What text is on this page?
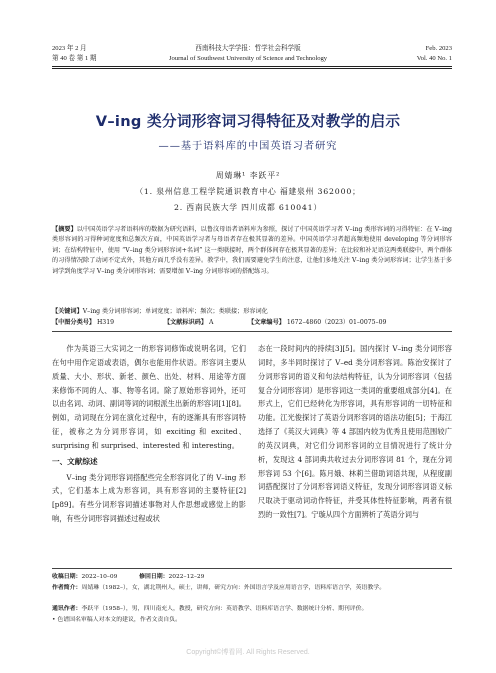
2023 年 2 月
第 40 卷 第 1 期
西南科技大学学报：哲学社会科学版
Journal of Southwest University of Science and Technology
Feb. 2023
Vol. 40 No. 1
V–ing 类分词形容词习得特征及对教学的启示
——基于语料库的中国英语习者研究
周婧琳¹ 李跃平²
（1. 泉州信息工程学院通识教育中心 福建泉州 362000；
2. 西南民族大学 四川成都 610041）
【摘要】以中国英语学习者语料库的数据为研究语料，以鲁汶母语者语料库为参照，探讨了中国英语学习者 V–ing 类形容词的习得特征：在 V–ing 类形容词的习得种词宽度和总频次方面，中国英语学习者与母语者存在极其显著的差异。中国英语学习者超高频地使用 developing 等分词形容词；在结构特征中，使用 “V–ing 类分词形容词+名词” 这一类联接时，两个群体间存在极其显著的差异；在比较和补足语这两类联接中，两个群体的习得情况除了动词不定式外，其他方面几乎没有差异。教学中，我们需要避免学生的注意，让他们多地关注 V–ing 类分词形容词；让学生基于多词学到角度学习 V–ing 类分词形容词；需要增加 V–ing 分词形容词的搭配练习。
【关键词】V–ing 类分词形容词；单词宽度；语料库；频次；类联接；形容词化
【中图分类号】 H319	【文献标识码】 A	【文章编号】 1672–4860（2023）01–0075–09

作为英语三大实词之一的形容词修饰或说明名词，它们在句中用作定语或表语，偶尔也能用作状语。形容词主要从质量、大小、形状、新老、颜色、出处、材料、用途等方面来修饰不同的人、事、物等名词。除了原始形容词外，还可以由名词、动词、副词等词的词根派生出新的形容词[1][8]。例如，动词现在分词在演化过程中，有的逐渐具有形容词特征，被称之为分词形容词，如 exciting 和 excited、surprising 和 surprised、interested 和 interesting。

一、文献综述

V–ing 类分词形容词搭配些完全形容词化了的 V–ing 形式，它们基本上成为形容词，具有形容词的主要特征[2][p89]。有些分词形容词描述事物对人作思想或感觉上的影响，有些分词形容词描述过程或状

态在一段时间内的持续[3][5]。国内探讨 V–ing 类分词形容词时，多半同时探讨了 V–ed 类分词形容词。陈治安探讨了分词形容词的语义和句法结构特征，认为分词形容词（包括复合分词形容词）是形容词这一类词的重要组成部分[4]。在形式上，它们已经转化为形容词，具有形容词的一切特征和功能。江光俊探讨了英语分词形容词的语法功能[5]；于海江选择了《英汉大词典》等 4 部国内较为优秀且使用范围较广的英汉词典，对它们分词形容词的立目情况进行了统计分析，发现这 4 部词典共收过去分词形容词 81 个，现在分词形容词 53 个[6]。陈月娥、林莉兰借助词语共现，从程度副词搭配探讨了分词形容词语义特征，发现分词形容词语义标尺取决于驱动词动作特征，并受其体性特征影响，两者有很烈的一致性[7]。宁璇从四个方面辨析了英语分词与

收稿日期：2022–10–09	修回日期：2022–12–29
作者简介：周婧琳（1982–），女，湖北荆州人，硕士，讲师，研究方向：外国语言学及应用语言学，语料库语言学，英语教学。
通讯作者：李跃平（1958–），男，四川南充人，教授，研究方向：英语教学、语料库语言学、数据统计分析、期刊评价。
• 色谱国名审稿人对本文的建议，作者文责自负。
Copyright©博看网. All Rights Reserved.
